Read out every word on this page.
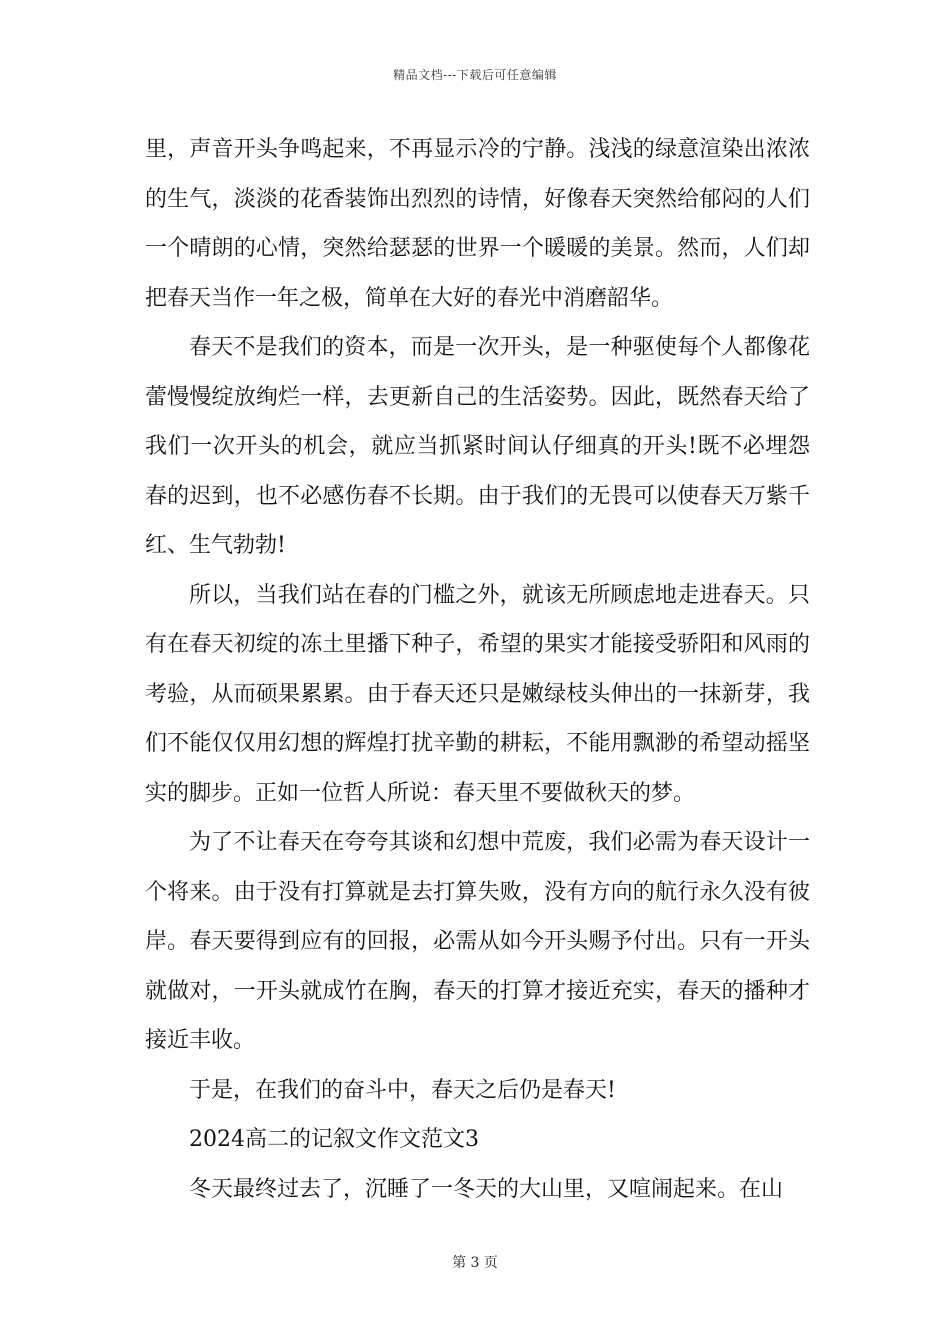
精品文档---下载后可任意编辑

里，声音开头争鸣起来，不再显示冷的宁静。浅浅的绿意渲染出浓浓的生气，淡淡的花香装饰出烈烈的诗情，好像春天突然给郁闷的人们一个晴朗的心情，突然给瑟瑟的世界一个暖暖的美景。然而，人们却把春天当作一年之极，简单在大好的春光中消磨韶华。

春天不是我们的资本，而是一次开头，是一种驱使每个人都像花蕾慢慢绽放绚烂一样，去更新自己的生活姿势。因此，既然春天给了我们一次开头的机会，就应当抓紧时间认仔细真的开头!既不必埋怨春的迟到，也不必感伤春不长期。由于我们的无畏可以使春天万紫千红、生气勃勃!

所以，当我们站在春的门槛之外，就该无所顾虑地走进春天。只有在春天初绽的冻土里播下种子，希望的果实才能接受骄阳和风雨的考验，从而硕果累累。由于春天还只是嫩绿枝头伸出的一抹新芽，我们不能仅仅用幻想的辉煌打扰辛勤的耕耘，不能用飘渺的希望动摇坚实的脚步。正如一位哲人所说：春天里不要做秋天的梦。

为了不让春天在夸夸其谈和幻想中荒废，我们必需为春天设计一个将来。由于没有打算就是去打算失败，没有方向的航行永久没有彼岸。春天要得到应有的回报，必需从如今开头赐予付出。只有一开头就做对，一开头就成竹在胸，春天的打算才接近充实，春天的播种才接近丰收。

于是，在我们的奋斗中，春天之后仍是春天!

2024高二的记叙文作文范文3

冬天最终过去了，沉睡了一冬天的大山里，又喧闹起来。在山

第 3 页
